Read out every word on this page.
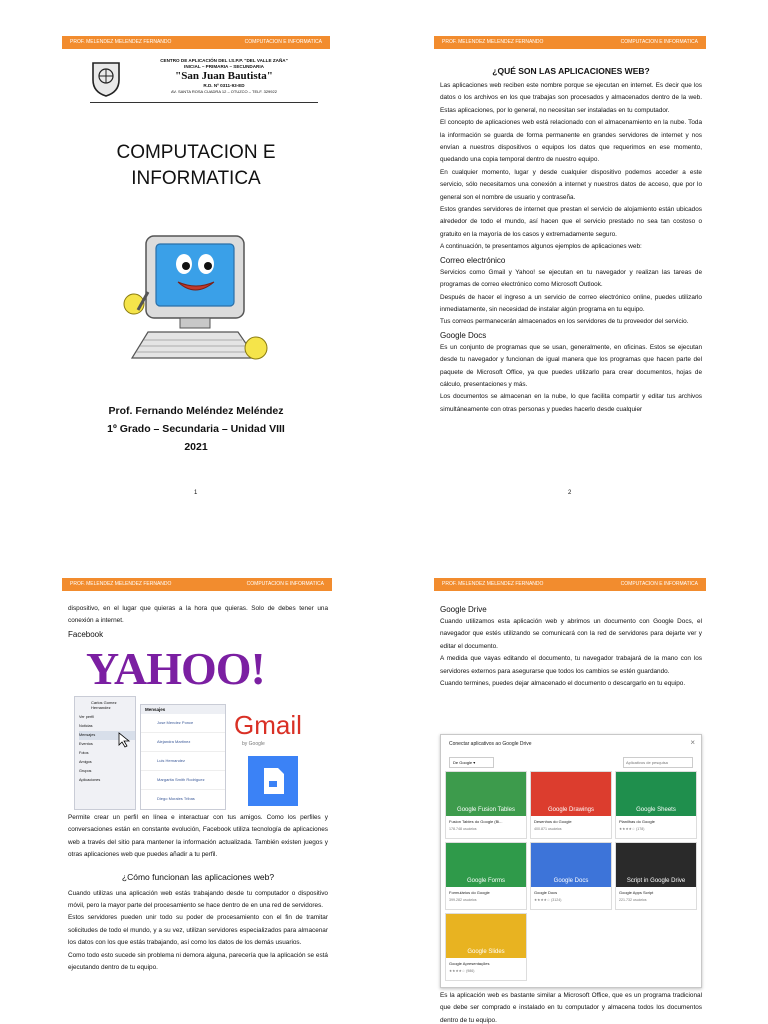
PROF. MELENDEZ MELENDEZ FERNANDO	COMPUTACION E INFORMATICA
CENTRO DE APLICACIÓN DEL I.S.P.P. "DEL VALLE ZAÑA"
INICIAL – PRIMARIA – SECUNDARIA
"San Juan Bautista"
R.D. Nº 0311-93-ED
AV. SANTA ROSA CUADRA 12 – OTUZCO – TELF. 329922
COMPUTACION E
INFORMATICA
Prof. Fernando Meléndez Meléndez
1º Grado – Secundaria – Unidad VIII
2021
1
PROF. MELENDEZ MELENDEZ FERNANDO	COMPUTACION E INFORMATICA
¿QUÉ SON LAS APLICACIONES WEB?

Las aplicaciones web reciben este nombre porque se ejecutan en internet. Es decir que los datos o los archivos en los que trabajas son procesados y almacenados dentro de la web. Estas aplicaciones, por lo general, no necesitan ser instaladas en tu computador.

El concepto de aplicaciones web está relacionado con el almacenamiento en la nube. Toda la información se guarda de forma permanente en grandes servidores de internet y nos envían a nuestros dispositivos o equipos los datos que requerimos en ese momento, quedando una copia temporal dentro de nuestro equipo.

En cualquier momento, lugar y desde cualquier dispositivo podemos acceder a este servicio, sólo necesitamos una conexión a internet y nuestros datos de acceso, que por lo general son el nombre de usuario y contraseña.

Estos grandes servidores de internet que prestan el servicio de alojamiento están ubicados alrededor de todo el mundo, así hacen que el servicio prestado no sea tan costoso o gratuito en la mayoría de los casos y extremadamente seguro.

A continuación, te presentamos algunos ejemplos de aplicaciones web:

Correo electrónico

Servicios como Gmail y Yahoo! se ejecutan en tu navegador y realizan las tareas de programas de correo electrónico como Microsoft Outlook.

Después de hacer el ingreso a un servicio de correo electrónico online, puedes utilizarlo inmediatamente, sin necesidad de instalar algún programa en tu equipo.

Tus correos permanecerán almacenados en los servidores de tu proveedor del servicio.

Google Docs

Es un conjunto de programas que se usan, generalmente, en oficinas. Estos se ejecutan desde tu navegador y funcionan de igual manera que los programas que hacen parte del paquete de Microsoft Office, ya que puedes utilizarlo para crear documentos, hojas de cálculo, presentaciones y más.

Los documentos se almacenan en la nube, lo que facilita compartir y editar tus archivos simultáneamente con otras personas y puedes hacerlo desde cualquier

2
PROF. MELENDEZ MELENDEZ FERNANDO	COMPUTACION E INFORMATICA

dispositivo, en el lugar que quieras a la hora que quieras. Solo de debes tener una conexión a internet.

Facebook
YAHOO!
Carlos Gomez Hernandez
Ver perfil
Noticias
Mensajes
Eventos
Fotos
Amigos
Grupos
Aplicaciones
Mensajes
Jose Mendez Ponce
Alejandra Martinez
Luis Hernandez
Margarita Smith Rodriguez
Diego Morales Tribas
Gmail
by Google

Permite crear un perfil en línea e interactuar con tus amigos. Como los perfiles y conversaciones están en constante evolución, Facebook utiliza tecnología de aplicaciones web a través del sitio para mantener la información actualizada. También existen juegos y otras aplicaciones web que puedes añadir a tu perfil.

¿Cómo funcionan las aplicaciones web?

Cuando utilizas una aplicación web estás trabajando desde tu computador o dispositivo móvil, pero la mayor parte del procesamiento se hace dentro de en una red de servidores.

Estos servidores pueden unir todo su poder de procesamiento con el fin de tramitar solicitudes de todo el mundo, y a su vez, utilizan servidores especializados para almacenar los datos con los que estás trabajando, así como los datos de los demás usuarios.

Como todo esto sucede sin problema ni demora alguna, parecería que la aplicación se está ejecutando dentro de tu equipo.

PROF. MELENDEZ MELENDEZ FERNANDO	COMPUTACION E INFORMATICA
Google Drive

Cuando utilizamos esta aplicación web y abrimos un documento con Google Docs, el navegador que estés utilizando se comunicará con la red de servidores para dejarte ver y editar el documento.

A medida que vayas editando el documento, tu navegador trabajará de la mano con los servidores externos para asegurarse que todos los cambios se estén guardando.

Cuando termines, puedes dejar almacenado el documento o descargarlo en tu equipo.

Conectar aplicativos ao Google Drive	×
De Google ▾
Aplicativos de pesquisa
Google Fusion Tables
Fusion Tables do Google (Bi...
178.748 usuários
Google Drawings
Desenhos do Google
400.871 usuários
Google Sheets
Planilhas do Google
★★★★☆ (178)
Google Forms
Formulários do Google
399.282 usuários
Google Docs
Google Docs
★★★★☆ (3124)
Script in Google Drive
Google Apps Script
221.732 usuários
Google Slides
Google Apresentações
★★★★☆ (986)

Es la aplicación web es bastante similar a Microsoft Office, que es un programa tradicional que debe ser comprado e instalado en tu computador y almacena todos los documentos dentro de tu equipo.
